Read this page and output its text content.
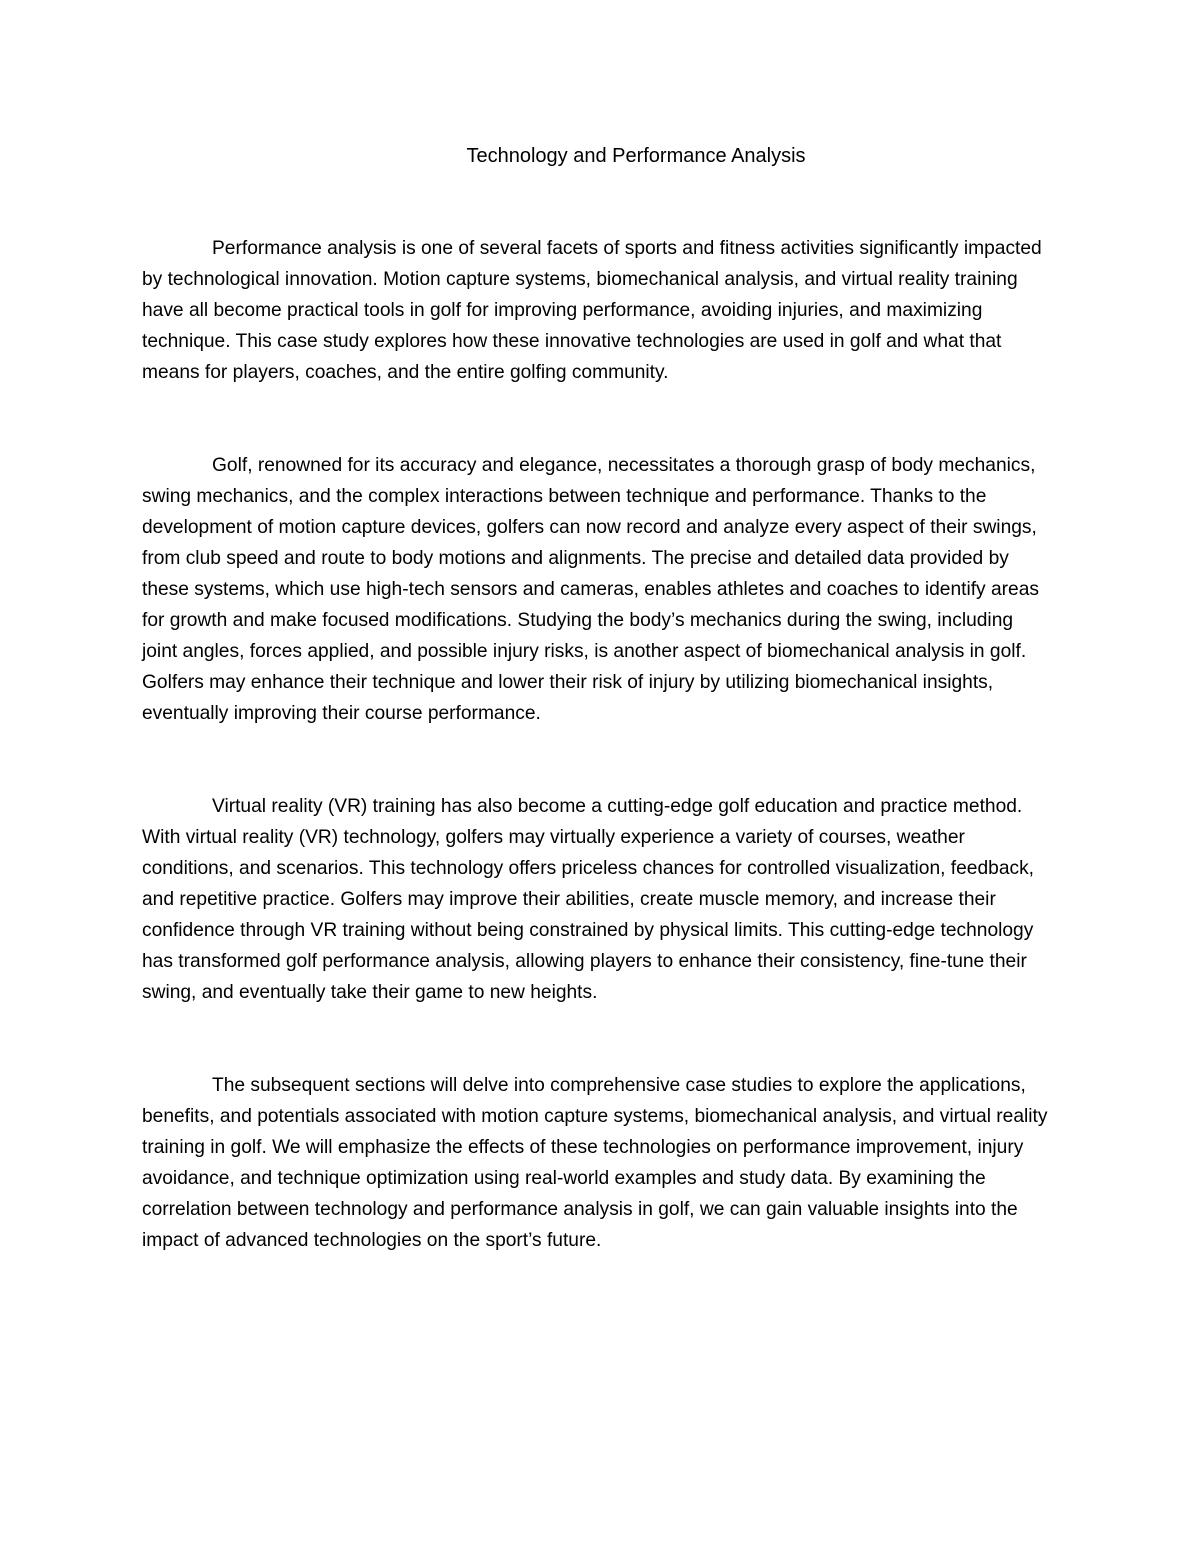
Technology and Performance Analysis

Performance analysis is one of several facets of sports and fitness activities significantly impacted by technological innovation. Motion capture systems, biomechanical analysis, and virtual reality training have all become practical tools in golf for improving performance, avoiding injuries, and maximizing technique. This case study explores how these innovative technologies are used in golf and what that means for players, coaches, and the entire golfing community.

Golf, renowned for its accuracy and elegance, necessitates a thorough grasp of body mechanics, swing mechanics, and the complex interactions between technique and performance. Thanks to the development of motion capture devices, golfers can now record and analyze every aspect of their swings, from club speed and route to body motions and alignments. The precise and detailed data provided by these systems, which use high-tech sensors and cameras, enables athletes and coaches to identify areas for growth and make focused modifications. Studying the body’s mechanics during the swing, including joint angles, forces applied, and possible injury risks, is another aspect of biomechanical analysis in golf. Golfers may enhance their technique and lower their risk of injury by utilizing biomechanical insights, eventually improving their course performance.

Virtual reality (VR) training has also become a cutting-edge golf education and practice method. With virtual reality (VR) technology, golfers may virtually experience a variety of courses, weather conditions, and scenarios. This technology offers priceless chances for controlled visualization, feedback, and repetitive practice. Golfers may improve their abilities, create muscle memory, and increase their confidence through VR training without being constrained by physical limits. This cutting-edge technology has transformed golf performance analysis, allowing players to enhance their consistency, fine-tune their swing, and eventually take their game to new heights.

The subsequent sections will delve into comprehensive case studies to explore the applications, benefits, and potentials associated with motion capture systems, biomechanical analysis, and virtual reality training in golf. We will emphasize the effects of these technologies on performance improvement, injury avoidance, and technique optimization using real-world examples and study data. By examining the correlation between technology and performance analysis in golf, we can gain valuable insights into the impact of advanced technologies on the sport’s future.
